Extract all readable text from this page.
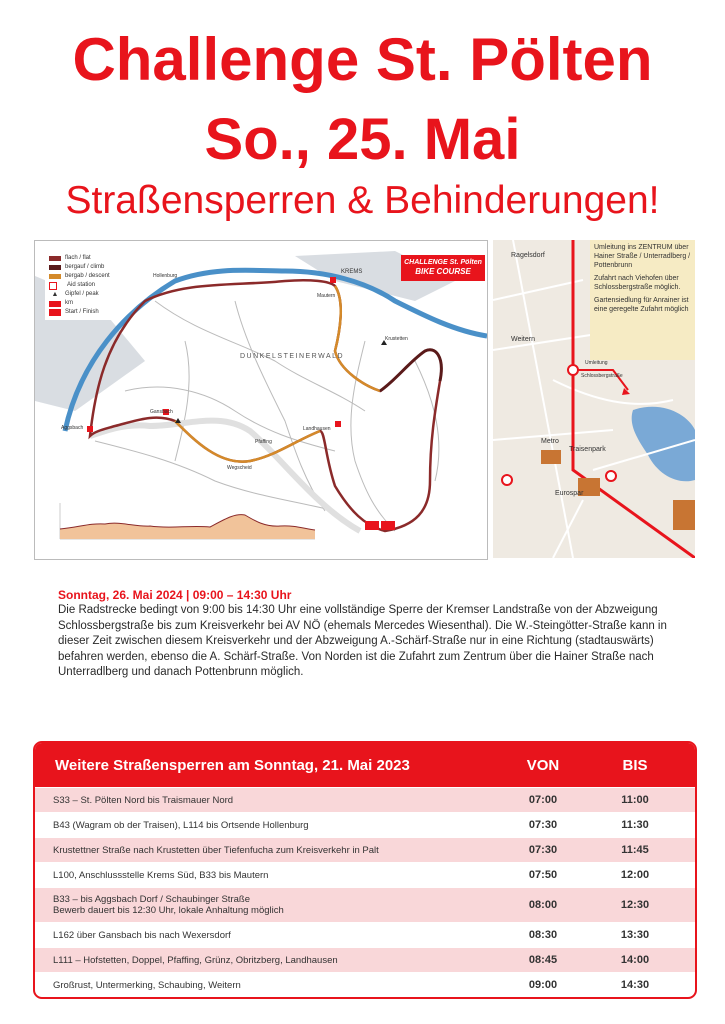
Challenge St. Pölten
So., 25. Mai
Straßensperren & Behinderungen!
flach / flat
bergauf / climb
bergab / descent
Aid station
▲	Gipfel / peak
km
Start / Finish
CHALLENGE St. Pölten
BIKE COURSE
DUNKELSTEINERWALD
KREMS
Aggsbach
Gansbach
Pfaffing
Wegscheid
Krustetten
Landhausen
Hollenburg
Mautern

Umleitung ins ZENTRUM über Hainer Straße / Unterradlberg / Pottenbrunn

Zufahrt nach Viehofen über Schlossbergstraße möglich.

Gartensiedlung für Anrainer ist eine geregelte Zufahrt möglich

Ragelsdorf
Weitern
Umleitung
Schlossbergstraße
Metro
Traisenpark
Eurospar
Sonntag, 26. Mai 2024 | 09:00 – 14:30 Uhr
Die Radstrecke bedingt von 9:00 bis 14:30 Uhr eine vollständige Sperre der Kremser Landstraße von der Abzweigung Schlossbergstraße bis zum Kreisverkehr bei AV NÖ (ehemals Mercedes Wiesenthal). Die W.-Steingötter-Straße kann in dieser Zeit zwischen diesem Kreisverkehr und der Abzweigung A.-Schärf-Straße nur in eine Richtung (stadtauswärts) befahren werden, ebenso die A. Schärf-Straße. Von Norden ist die Zufahrt zum Zentrum über die Hainer Straße nach Unterradlberg und danach Pottenbrunn möglich.
Weitere Straßensperren am Sonntag, 21. Mai 2023	VON	BIS
S33 – St. Pölten Nord bis Traismauer Nord	07:00	11:00
B43 (Wagram ob der Traisen), L114 bis Ortsende Hollenburg	07:30	11:30
Krustettner Straße nach Krustetten über Tiefenfucha zum Kreisverkehr in Palt	07:30	11:45
L100, Anschlussstelle Krems Süd, B33 bis Mautern	07:50	12:00
B33 – bis Aggsbach Dorf / Schaubinger Straße
Bewerb dauert bis 12:30 Uhr, lokale Anhaltung möglich	08:00	12:30
L162 über Gansbach bis nach Wexersdorf	08:30	13:30
L111 – Hofstetten, Doppel, Pfaffing, Grünz, Obritzberg, Landhausen	08:45	14:00
Großrust, Untermerking, Schaubing, Weitern	09:00	14:30
